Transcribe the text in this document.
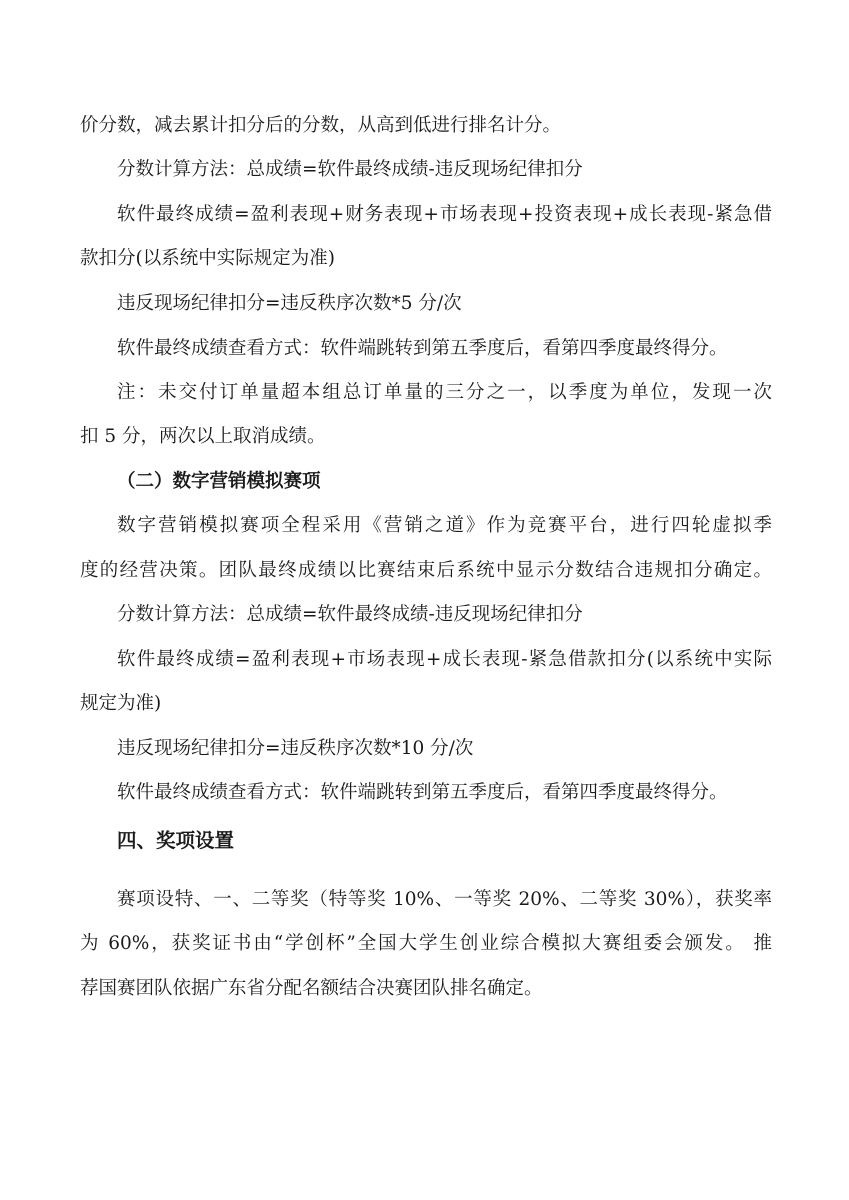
价分数，减去累计扣分后的分数，从高到低进行排名计分。
分数计算方法：总成绩=软件最终成绩-违反现场纪律扣分
软件最终成绩=盈利表现+财务表现+市场表现+投资表现+成长表现-紧急借
款扣分(以系统中实际规定为准)
违反现场纪律扣分=违反秩序次数*5 分/次
软件最终成绩查看方式：软件端跳转到第五季度后，看第四季度最终得分。
注：未交付订单量超本组总订单量的三分之一，以季度为单位，发现一次
扣 5 分，两次以上取消成绩。
（二）数字营销模拟赛项
数字营销模拟赛项全程采用《营销之道》作为竞赛平台，进行四轮虚拟季
度的经营决策。团队最终成绩以比赛结束后系统中显示分数结合违规扣分确定。
分数计算方法：总成绩=软件最终成绩-违反现场纪律扣分
软件最终成绩=盈利表现+市场表现+成长表现-紧急借款扣分(以系统中实际
规定为准)
违反现场纪律扣分=违反秩序次数*10 分/次
软件最终成绩查看方式：软件端跳转到第五季度后，看第四季度最终得分。
四、奖项设置
赛项设特、一、二等奖（特等奖 10%、一等奖 20%、二等奖 30%），获奖率
为 60%，获奖证书由“学创杯”全国大学生创业综合模拟大赛组委会颁发。 推
荐国赛团队依据广东省分配名额结合决赛团队排名确定。
